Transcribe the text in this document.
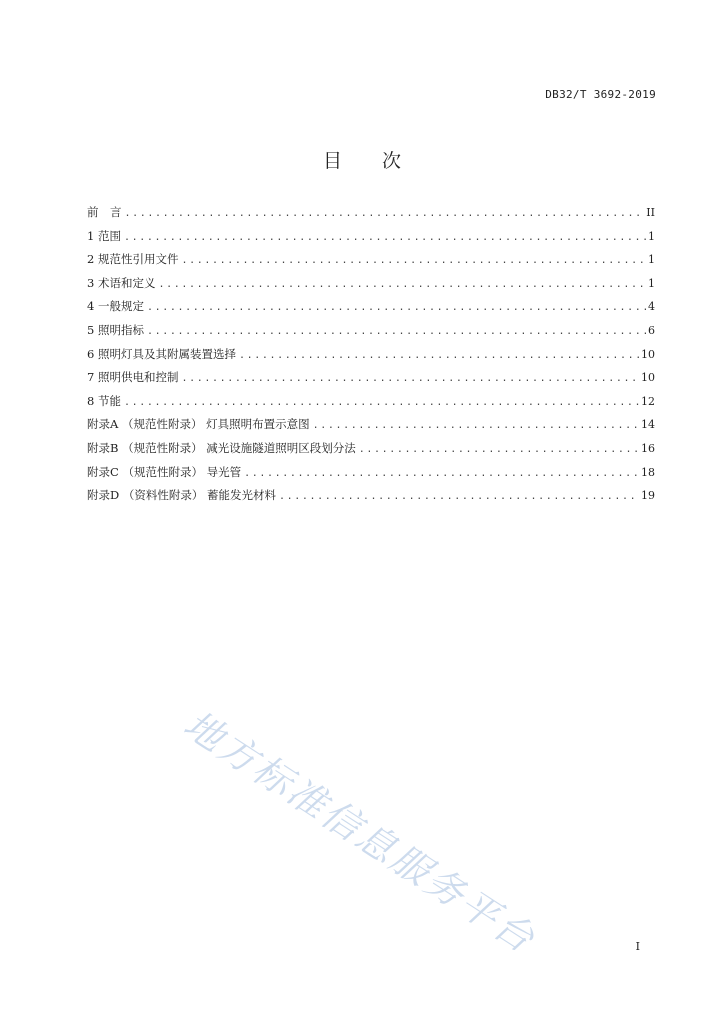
DB32/T 3692-2019
目 次
前　言 .....	II
1 范围 .....	1
2 规范性引用文件 .....	1
3 术语和定义 .....	1
4 一般规定 .....	4
5 照明指标 .....	6
6 照明灯具及其附属装置选择 .....	10
7 照明供电和控制 .....	10
8 节能 .....	12
附录A （规范性附录） 灯具照明布置示意图 .....	14
附录B （规范性附录） 减光设施隧道照明区段划分法 .....	16
附录C （规范性附录） 导光管 .....	18
附录D （资料性附录） 蓄能发光材料 .....	19
地方标准信息服务平台	I
